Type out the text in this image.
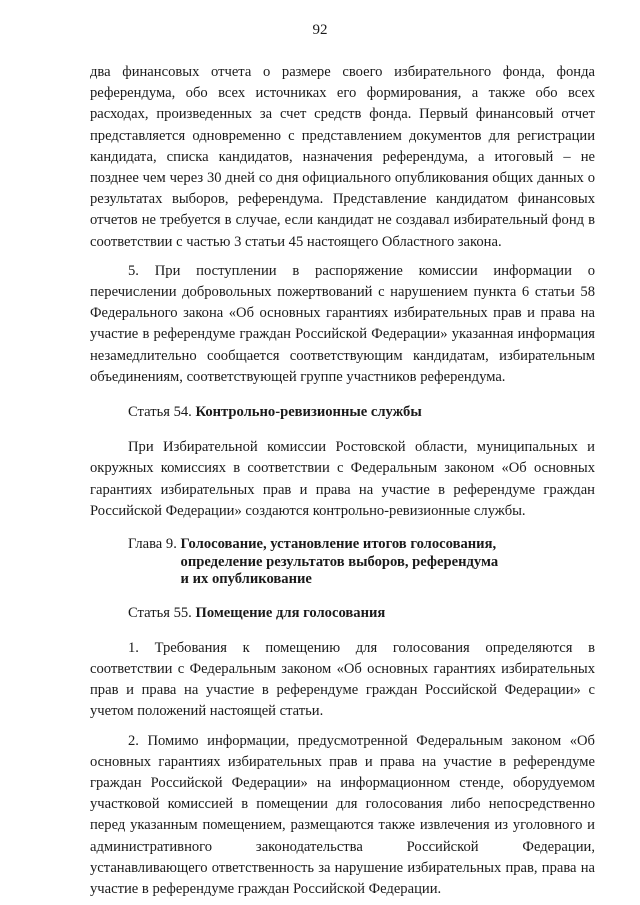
92

два финансовых отчета о размере своего избирательного фонда, фонда референдума, обо всех источниках его формирования, а также обо всех расходах, произведенных за счет средств фонда. Первый финансовый отчет представляется одновременно с представлением документов для регистрации кандидата, списка кандидатов, назначения референдума, а итоговый – не позднее чем через 30 дней со дня официального опубликования общих данных о результатах выборов, референдума. Представление кандидатом финансовых отчетов не требуется в случае, если кандидат не создавал избирательный фонд в соответствии с частью 3 статьи 45 настоящего Областного закона.

5. При поступлении в распоряжение комиссии информации о перечислении добровольных пожертвований с нарушением пункта 6 статьи 58 Федерального закона «Об основных гарантиях избирательных прав и права на участие в референдуме граждан Российской Федерации» указанная информация незамедлительно сообщается соответствующим кандидатам, избирательным объединениям, соответствующей группе участников референдума.

Статья 54. Контрольно-ревизионные службы

При Избирательной комиссии Ростовской области, муниципальных и окружных комиссиях в соответствии с Федеральным законом «Об основных гарантиях избирательных прав и права на участие в референдуме граждан Российской Федерации» создаются контрольно-ревизионные службы.

Глава 9. Голосование, установление итогов голосования,
определение результатов выборов, референдума
и их опубликование

Статья 55. Помещение для голосования

1. Требования к помещению для голосования определяются в соответствии с Федеральным законом «Об основных гарантиях избирательных прав и права на участие в референдуме граждан Российской Федерации» с учетом положений настоящей статьи.

2. Помимо информации, предусмотренной Федеральным законом «Об основных гарантиях избирательных прав и права на участие в референдуме граждан Российской Федерации» на информационном стенде, оборудуемом участковой комиссией в помещении для голосования либо непосредственно перед указанным помещением, размещаются также извлечения из уголовного и административного законодательства Российской Федерации, устанавливающего ответственность за нарушение избирательных прав, права на участие в референдуме граждан Российской Федерации.
